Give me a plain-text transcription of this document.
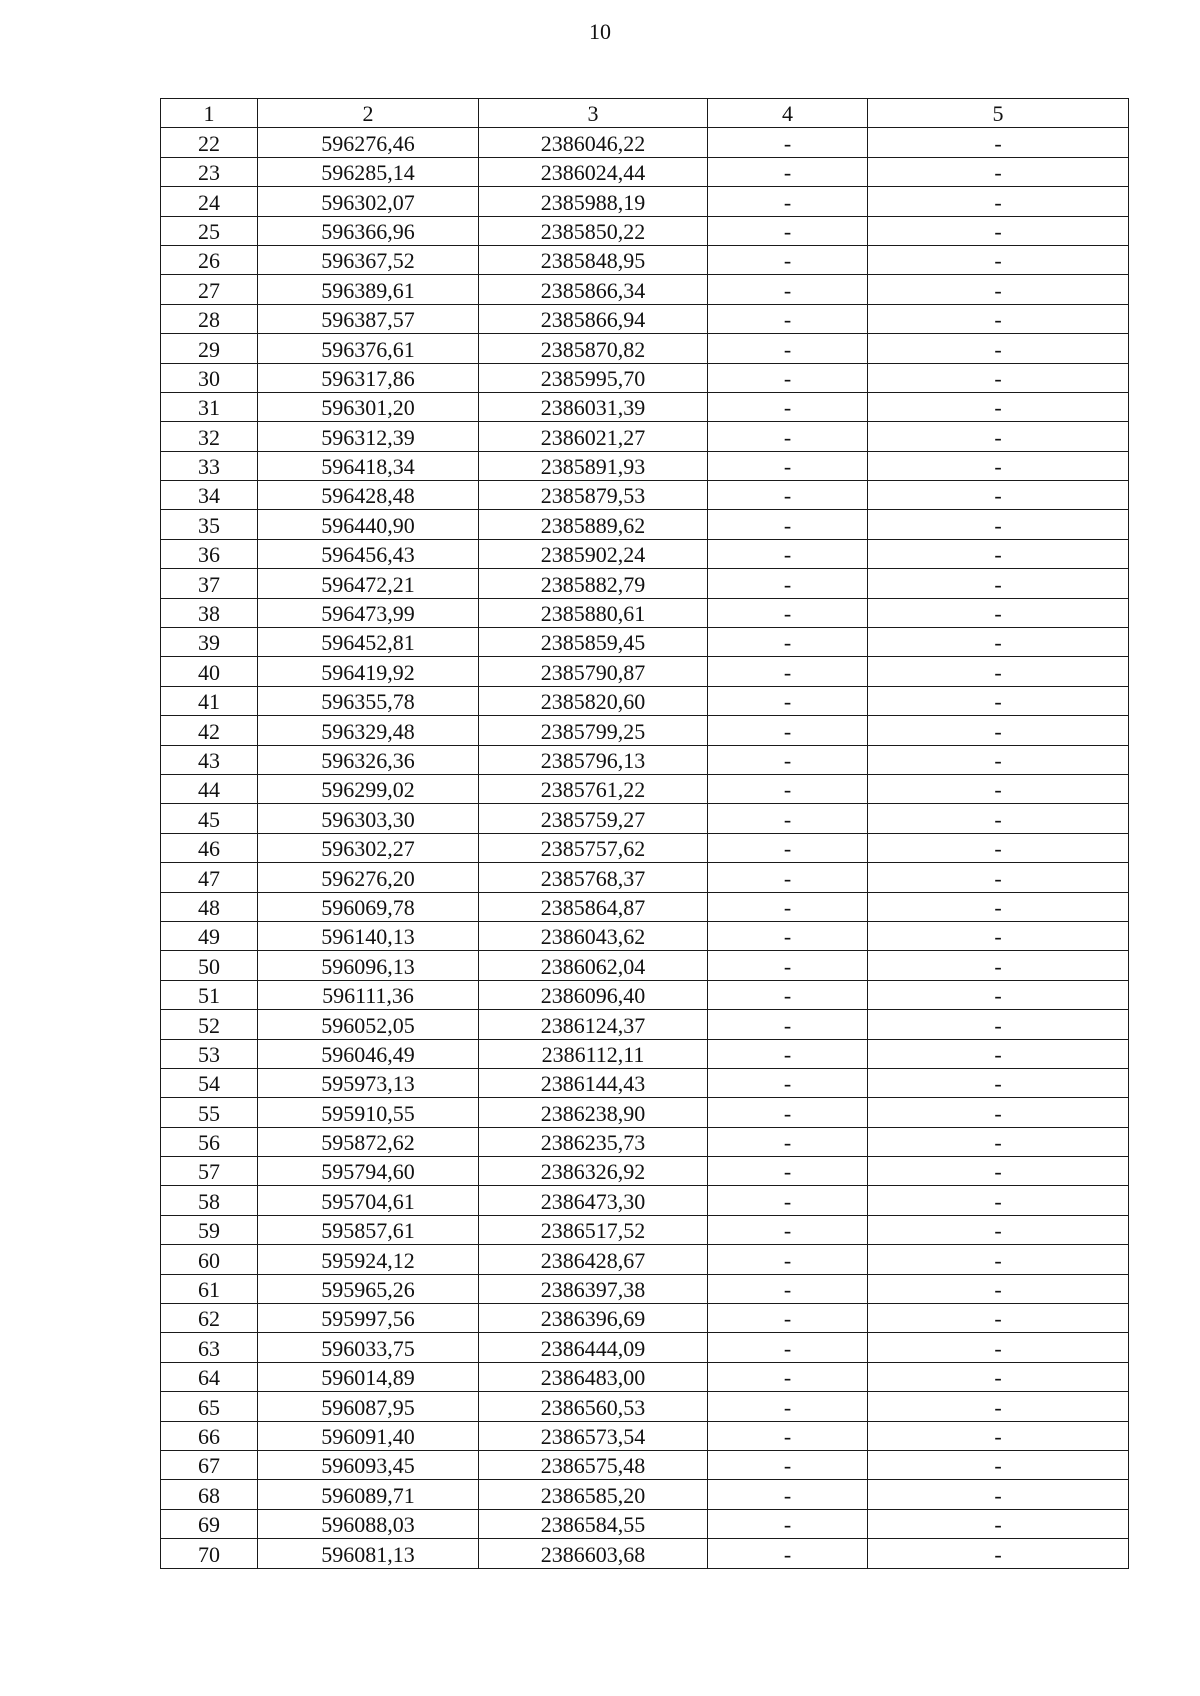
10
1	2	3	4	5
22	596276,46	2386046,22	-	-
23	596285,14	2386024,44	-	-
24	596302,07	2385988,19	-	-
25	596366,96	2385850,22	-	-
26	596367,52	2385848,95	-	-
27	596389,61	2385866,34	-	-
28	596387,57	2385866,94	-	-
29	596376,61	2385870,82	-	-
30	596317,86	2385995,70	-	-
31	596301,20	2386031,39	-	-
32	596312,39	2386021,27	-	-
33	596418,34	2385891,93	-	-
34	596428,48	2385879,53	-	-
35	596440,90	2385889,62	-	-
36	596456,43	2385902,24	-	-
37	596472,21	2385882,79	-	-
38	596473,99	2385880,61	-	-
39	596452,81	2385859,45	-	-
40	596419,92	2385790,87	-	-
41	596355,78	2385820,60	-	-
42	596329,48	2385799,25	-	-
43	596326,36	2385796,13	-	-
44	596299,02	2385761,22	-	-
45	596303,30	2385759,27	-	-
46	596302,27	2385757,62	-	-
47	596276,20	2385768,37	-	-
48	596069,78	2385864,87	-	-
49	596140,13	2386043,62	-	-
50	596096,13	2386062,04	-	-
51	596111,36	2386096,40	-	-
52	596052,05	2386124,37	-	-
53	596046,49	2386112,11	-	-
54	595973,13	2386144,43	-	-
55	595910,55	2386238,90	-	-
56	595872,62	2386235,73	-	-
57	595794,60	2386326,92	-	-
58	595704,61	2386473,30	-	-
59	595857,61	2386517,52	-	-
60	595924,12	2386428,67	-	-
61	595965,26	2386397,38	-	-
62	595997,56	2386396,69	-	-
63	596033,75	2386444,09	-	-
64	596014,89	2386483,00	-	-
65	596087,95	2386560,53	-	-
66	596091,40	2386573,54	-	-
67	596093,45	2386575,48	-	-
68	596089,71	2386585,20	-	-
69	596088,03	2386584,55	-	-
70	596081,13	2386603,68	-	-
